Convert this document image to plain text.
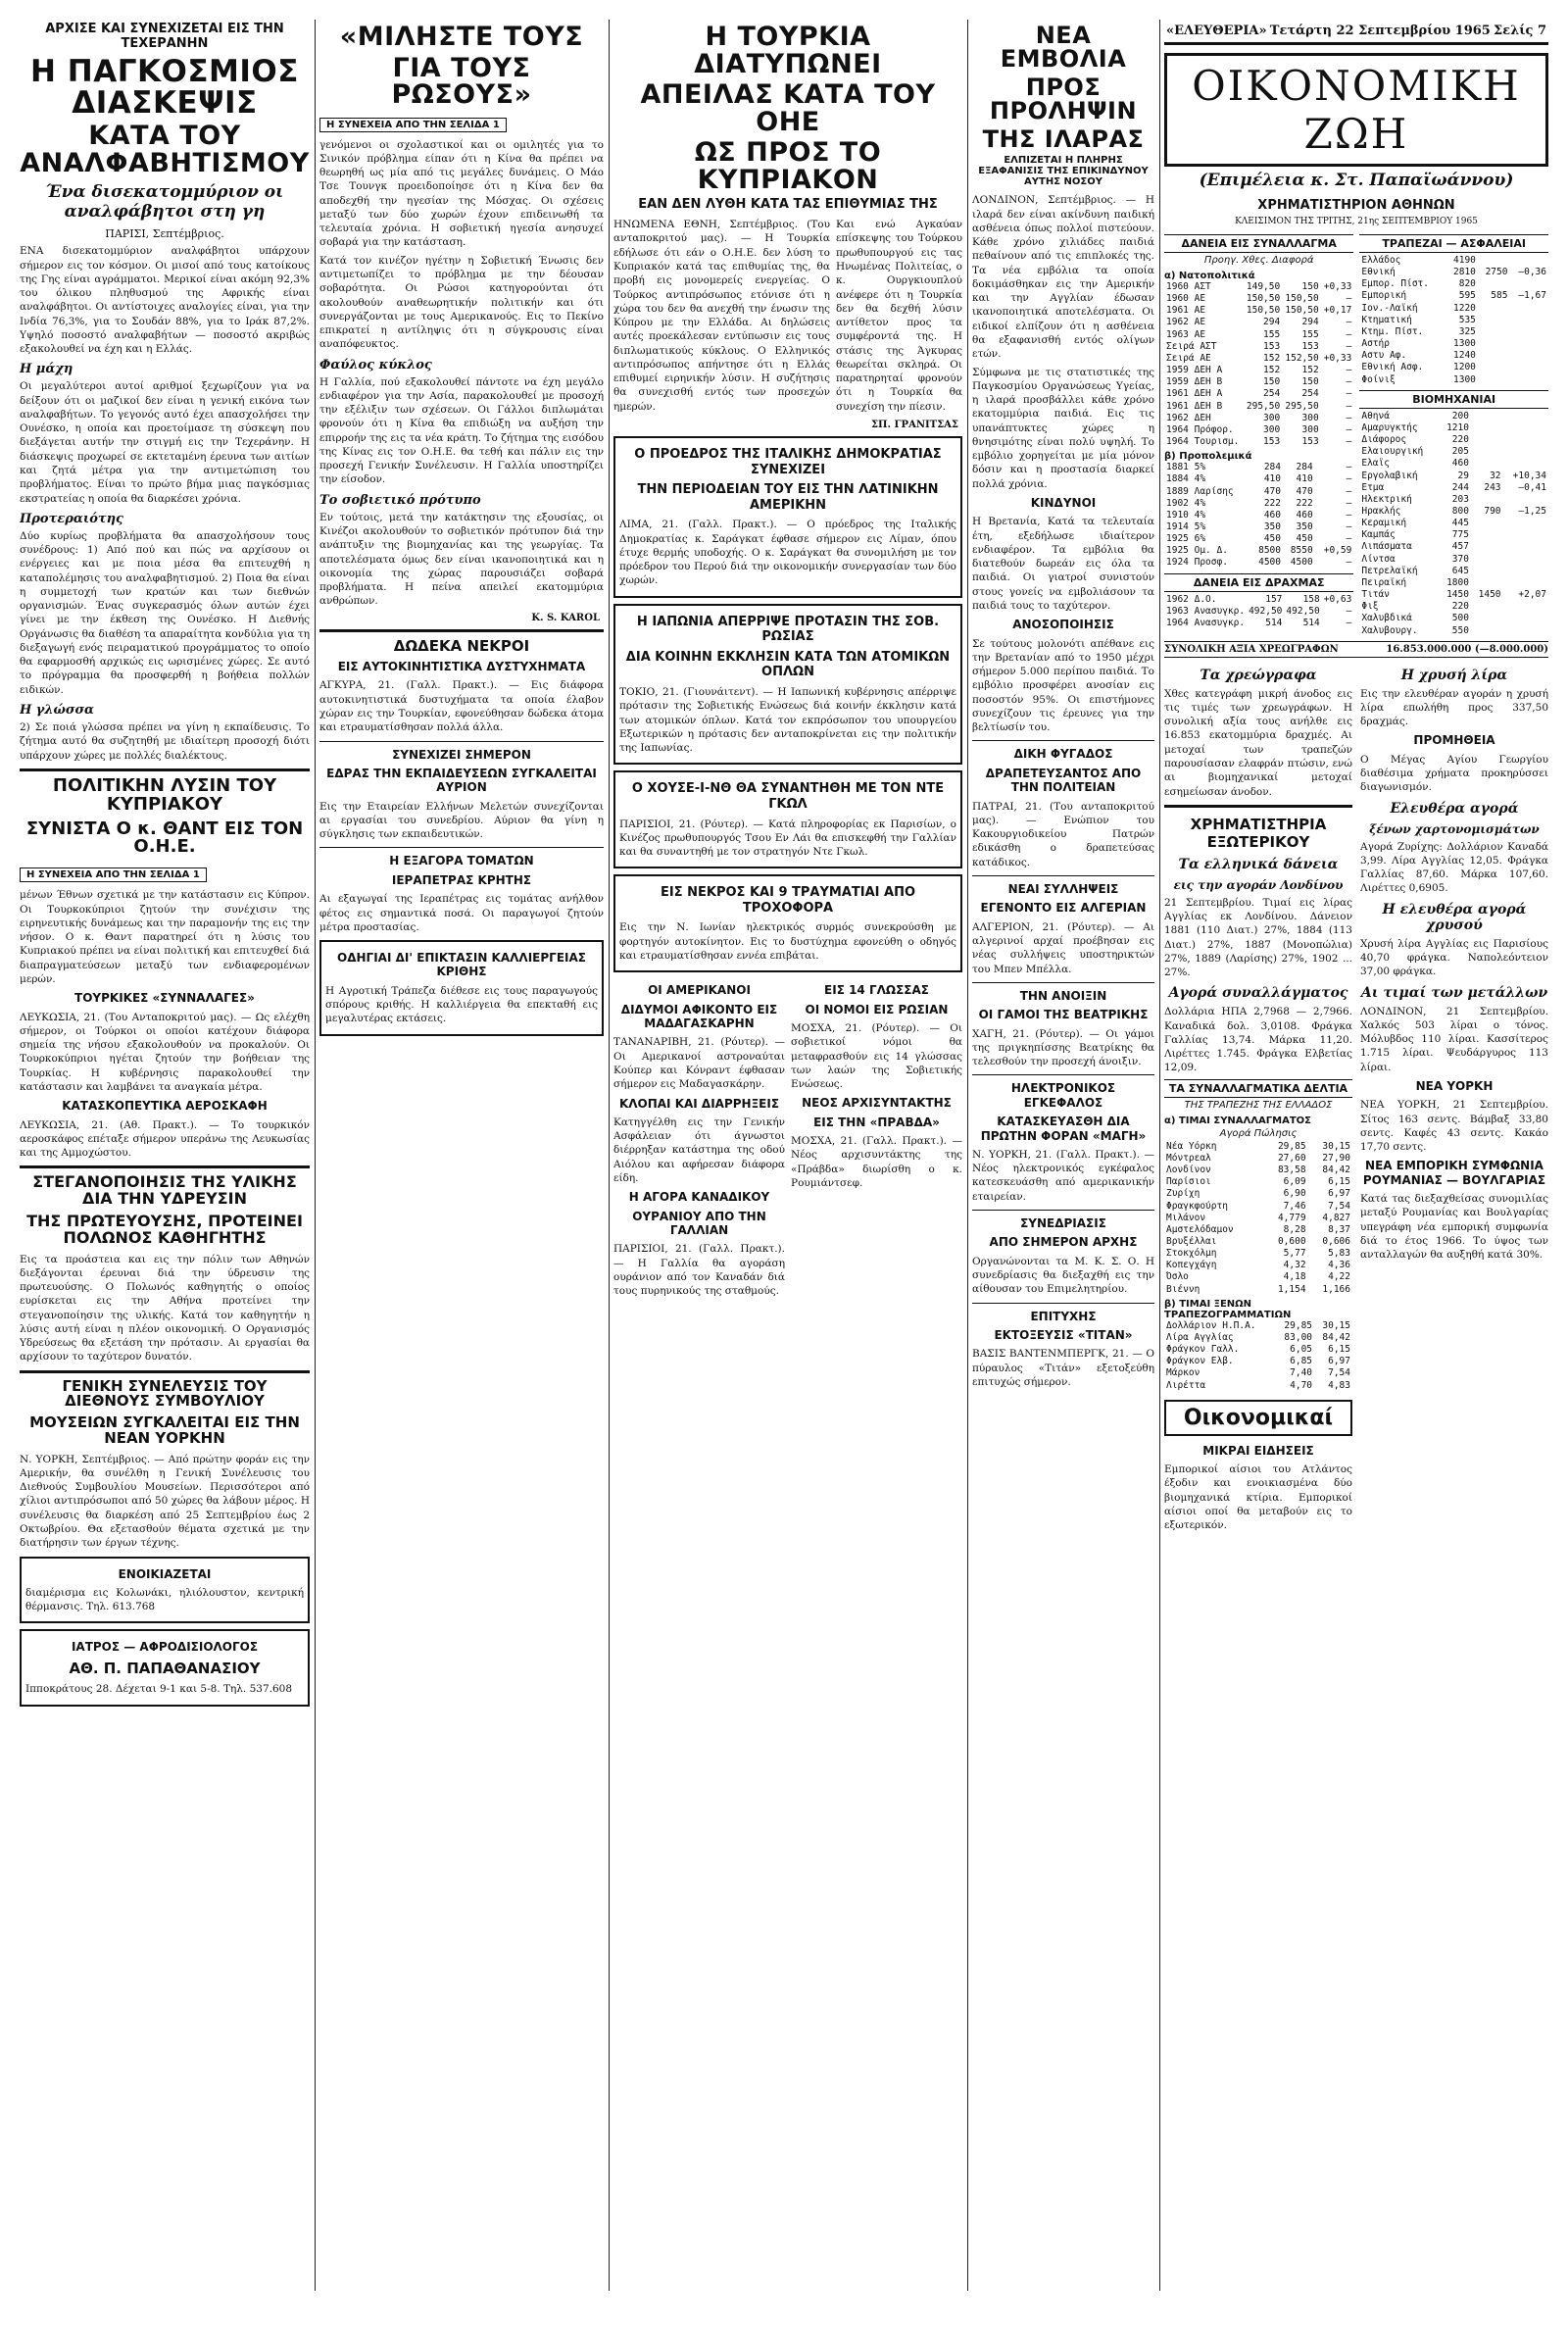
ΑΡΧΙΣΕ ΚΑΙ ΣΥΝΕΧΙΖΕΤΑΙ ΕΙΣ ΤΗΝ ΤΕΧΕΡΑΝΗΝ
Η ΠΑΓΚΟΣΜΙΟΣ ΔΙΑΣΚΕΨΙΣ
ΚΑΤΑ ΤΟΥ ΑΝΑΛΦΑΒΗΤΙΣΜΟΥ
Ένα δισεκατομμύριον οι αναλφάβητοι στη γη
ΠΑΡΙΣΙ, Σεπτέμβριος.

ΕΝΑ δισεκατομμύριον αναλφάβητοι υπάρχουν σήμερον εις τον κόσμον. Οι μισοί από τους κατοίκους της Γης είναι αγράμματοι. Μερικοί είναι ακόμη 92,3% του όλικου πληθυσμού της Αφρικής είναι αναλφάβητοι. Οι αντίστοιχες αναλογίες είναι, για την Ινδία 76,3%, για το Σουδάν 88%, για το Ιράκ 87,2%. Υψηλό ποσοστό αναλφαβήτων — ποσοστό ακριβώς εξακολουθεί να έχη και η Ελλάς.

Η μάχη

Οι μεγαλύτεροι αυτοί αριθμοί ξεχωρίζουν για να δείξουν ότι οι μαζικοί δεν είναι η γενική εικόνα των αναλφαβήτων. Το γεγονός αυτό έχει απασχολήσει την Ουνέσκο, η οποία και προετοίμασε τη σύσκεψη που διεξάγεται αυτήν την στιγμή εις την Τεχεράνην. Η διάσκεψις προχωρεί σε εκτεταμένη έρευνα των αιτίων και ζητά μέτρα για την αντιμετώπιση του προβλήματος. Είναι το πρώτο βήμα μιας παγκόσμιας εκστρατείας η οποία θα διαρκέσει χρόνια.

Προτεραιότης

Δύο κυρίως προβλήματα θα απασχολήσουν τους συνέδρους: 1) Από πού και πώς να αρχίσουν οι ενέργειες και με ποια μέσα θα επιτευχθή η καταπολέμησις του αναλφαβητισμού. 2) Ποια θα είναι η συμμετοχή των κρατών και των διεθνών οργανισμών. Ένας συγκερασμός όλων αυτών έχει γίνει με την έκθεση της Ουνέσκο. Η Διεθνής Οργάνωσις θα διαθέση τα απαραίτητα κονδύλια για τη διεξαγωγή ενός πειραματικού προγράμματος το οποίο θα εφαρμοσθή αρχικώς εις ωρισμένες χώρες. Σε αυτό το πρόγραμμα θα προσφερθή η βοήθεια πολλών ειδικών.

Η γλώσσα

2) Σε ποιά γλώσσα πρέπει να γίνη η εκπαίδευσις. Το ζήτημα αυτό θα συζητηθή με ιδιαίτερη προσοχή διότι υπάρχουν χώρες με πολλές διαλέκτους.

ΠΟΛΙΤΙΚΗΝ ΛΥΣΙΝ ΤΟΥ ΚΥΠΡΙΑΚΟΥ
ΣΥΝΙΣΤΑ Ο κ. ΘΑΝΤ ΕΙΣ ΤΟΝ Ο.Η.Ε.
Η ΣΥΝΕΧΕΙΑ ΑΠΟ ΤΗΝ ΣΕΛΙΔΑ 1

μένων Έθνων σχετικά με την κατάστασιν εις Κύπρον. Οι Τουρκοκύπριοι ζητούν την συνέχισιν της ειρηνευτικής δυνάμεως και την παραμονήν της εις την νήσον. Ο κ. Θαντ παρατηρεί ότι η λύσις του Κυπριακού πρέπει να είναι πολιτική και επιτευχθεί διά διαπραγματεύσεων μεταξύ των ενδιαφερομένων μερών.

ΤΟΥΡΚΙΚΕΣ «ΣΥΝΝΑΛΑΓΕΣ»

ΛΕΥΚΩΣΙΑ, 21. (Του Ανταποκριτού μας). — Ως ελέχθη σήμερον, οι Τούρκοι οι οποίοι κατέχουν διάφορα σημεία της νήσου εξακολουθούν να προκαλούν. Οι Τουρκοκύπριοι ηγέται ζητούν την βοήθειαν της Τουρκίας. Η κυβέρνησις παρακολουθεί την κατάστασιν και λαμβάνει τα αναγκαία μέτρα.

ΚΑΤΑΣΚΟΠΕΥΤΙΚΑ ΑΕΡΟΣΚΑΦΗ

ΛΕΥΚΩΣΙΑ, 21. (Αθ. Πρακτ.). — Το τουρκικόν αεροσκάφος επέταξε σήμερον υπεράνω της Λευκωσίας και της Αμμοχώστου.

ΣΤΕΓΑΝΟΠΟΙΗΣΙΣ ΤΗΣ ΥΛΙΚΗΣ ΔΙΑ ΤΗΝ ΥΔΡΕΥΣΙΝ
ΤΗΣ ΠΡΩΤΕΥΟΥΣΗΣ, ΠΡΟΤΕΙΝΕΙ ΠΟΛΩΝΟΣ ΚΑΘΗΓΗΤΗΣ

Εις τα προάστεια και εις την πόλιν των Αθηνών διεξάγονται έρευναι διά την ύδρευσιν της πρωτευούσης. Ο Πολωνός καθηγητής ο οποίος ευρίσκεται εις την Αθήνα προτείνει την στεγανοποίησιν της υλικής. Κατά τον καθηγητήν η λύσις αυτή είναι η πλέον οικονομική. Ο Οργανισμός Υδρεύσεως θα εξετάση την πρότασιν. Αι εργασίαι θα αρχίσουν το ταχύτερον δυνατόν.

ΓΕΝΙΚΗ ΣΥΝΕΛΕΥΣΙΣ ΤΟΥ ΔΙΕΘΝΟΥΣ ΣΥΜΒΟΥΛΙΟΥ
ΜΟΥΣΕΙΩΝ ΣΥΓΚΑΛΕΙΤΑΙ ΕΙΣ ΤΗΝ ΝΕΑΝ ΥΟΡΚΗΝ

Ν. ΥΟΡΚΗ, Σεπτέμβριος. — Από πρώτην φοράν εις την Αμερικήν, θα συνέλθη η Γενική Συνέλευσις του Διεθνούς Συμβουλίου Μουσείων. Περισσότεροι από χίλιοι αντιπρόσωποι από 50 χώρες θα λάβουν μέρος. Η συνέλευσις θα διαρκέση από 25 Σεπτεμβρίου έως 2 Οκτωβρίου. Θα εξετασθούν θέματα σχετικά με την διατήρησιν των έργων τέχνης.

ΕΝΟΙΚΙΑΖΕΤΑΙ

διαμέρισμα εις Κολωνάκι, ηλιόλουστον, κεντρική θέρμανσις. Τηλ. 613.768

ΙΑΤΡΟΣ — ΑΦΡΟΔΙΣΙΟΛΟΓΟΣ
ΑΘ. Π. ΠΑΠΑΘΑΝΑΣΙΟΥ

Ιπποκράτους 28. Δέχεται 9-1 και 5-8. Τηλ. 537.608

«ΜΙΛΗΣΤΕ ΤΟΥΣ
ΓΙΑ ΤΟΥΣ ΡΩΣΟΥΣ»
Η ΣΥΝΕΧΕΙΑ ΑΠΟ ΤΗΝ ΣΕΛΙΔΑ 1

γενόμενοι οι σχολαστικοί και οι ομιλητές για το Σινικόν πρόβλημα είπαν ότι η Κίνα θα πρέπει να θεωρηθή ως μία από τις μεγάλες δυνάμεις. Ο Μάο Τσε Τουνγκ προειδοποίησε ότι η Κίνα δεν θα αποδεχθή την ηγεσίαν της Μόσχας. Οι σχέσεις μεταξύ των δύο χωρών έχουν επιδεινωθή τα τελευταία χρόνια. Η σοβιετική ηγεσία ανησυχεί σοβαρά για την κατάσταση.

Κατά τον κινέζον ηγέτην η Σοβιετική Ένωσις δεν αντιμετωπίζει το πρόβλημα με την δέουσαν σοβαρότητα. Οι Ρώσοι κατηγορούνται ότι ακολουθούν αναθεωρητικήν πολιτικήν και ότι συνεργάζονται με τους Αμερικανούς. Εις το Πεκίνο επικρατεί η αντίληψις ότι η σύγκρουσις είναι αναπόφευκτος.

Φαύλος κύκλος

Η Γαλλία, πού εξακολουθεί πάντοτε να έχη μεγάλο ενδιαφέρον για την Ασία, παρακολουθεί με προσοχή την εξέλιξιν των σχέσεων. Οι Γάλλοι διπλωμάται φρονούν ότι η Κίνα θα επιδιώξη να αυξήση την επιρροήν της εις τα νέα κράτη. Το ζήτημα της εισόδου της Κίνας εις τον Ο.Η.Ε. θα τεθή και πάλιν εις την προσεχή Γενικήν Συνέλευσιν. Η Γαλλία υποστηρίζει την είσοδον.

Το σοβιετικό πρότυπο

Εν τούτοις, μετά την κατάκτησιν της εξουσίας, οι Κινέζοι ακολουθούν το σοβιετικόν πρότυπον διά την ανάπτυξιν της βιομηχανίας και της γεωργίας. Τα αποτελέσματα όμως δεν είναι ικανοποιητικά και η οικονομία της χώρας παρουσιάζει σοβαρά προβλήματα. Η πείνα απειλεί εκατομμύρια ανθρώπων.

K. S. KAROL
ΔΩΔΕΚΑ ΝΕΚΡΟΙ
ΕΙΣ ΑΥΤΟΚΙΝΗΤΙΣΤΙΚΑ ΔΥΣΤΥΧΗΜΑΤΑ

ΑΓΚΥΡΑ, 21. (Γαλλ. Πρακτ.). — Εις διάφορα αυτοκινητιστικά δυστυχήματα τα οποία έλαβον χώραν εις την Τουρκίαν, εφονεύθησαν δώδεκα άτομα και ετραυματίσθησαν πολλά άλλα.

ΣΥΝΕΧΙΖΕΙ ΣΗΜΕΡΟΝ
ΕΔΡΑΣ ΤΗΝ ΕΚΠΑΙΔΕΥΣΕΩΝ ΣΥΓΚΑΛΕΙΤΑΙ ΑΥΡΙΟΝ

Εις την Εταιρείαν Ελλήνων Μελετών συνεχίζονται αι εργασίαι του συνεδρίου. Αύριον θα γίνη η σύγκλησις των εκπαιδευτικών.

Η ΕΞΑΓΟΡΑ ΤΟΜΑΤΩΝ
ΙΕΡΑΠΕΤΡΑΣ ΚΡΗΤΗΣ

Αι εξαγωγαί της Ιεραπέτρας εις τομάτας ανήλθον φέτος εις σημαντικά ποσά. Οι παραγωγοί ζητούν μέτρα προστασίας.

ΟΔΗΓΙΑΙ ΔΙ' ΕΠΙΚΤΑΣΙΝ ΚΑΛΛΙΕΡΓΕΙΑΣ ΚΡΙΘΗΣ

Η Αγροτική Τράπεζα διέθεσε εις τους παραγωγούς σπόρους κριθής. Η καλλιέργεια θα επεκταθή εις μεγαλυτέρας εκτάσεις.

Η ΤΟΥΡΚΙΑ ΔΙΑΤΥΠΩΝΕΙ
ΑΠΕΙΛΑΣ ΚΑΤΑ ΤΟΥ ΟΗΕ
ΩΣ ΠΡΟΣ ΤΟ ΚΥΠΡΙΑΚΟΝ
ΕΑΝ ΔΕΝ ΛΥΘΗ ΚΑΤΑ ΤΑΣ ΕΠΙΘΥΜΙΑΣ ΤΗΣ

ΗΝΩΜΕΝΑ ΕΘΝΗ, Σεπτέμβριος. (Του ανταποκριτού μας). — Η Τουρκία εδήλωσε ότι εάν ο Ο.Η.Ε. δεν λύση το Κυπριακόν κατά τας επιθυμίας της, θα προβή εις μονομερείς ενεργείας. Ο Τούρκος αντιπρόσωπος ετόνισε ότι η χώρα του δεν θα ανεχθή την ένωσιν της Κύπρου με την Ελλάδα. Αι δηλώσεις αυτές προεκάλεσαν εντύπωσιν εις τους διπλωματικούς κύκλους. Ο Ελληνικός αντιπρόσωπος απήντησε ότι η Ελλάς επιθυμεί ειρηνικήν λύσιν. Η συζήτησις θα συνεχισθή εντός των προσεχών ημερών.

Και ενώ Αγκαύαν επίσκεψης του Τούρκου πρωθυπουργού εις τας Ηνωμένας Πολιτείας, ο κ. Ουργκιουπλού ανέφερε ότι η Τουρκία δεν θα δεχθή λύσιν αντίθετον προς τα συμφέροντά της. Η στάσις της Άγκυρας θεωρείται σκληρά. Οι παρατηρηταί φρονούν ότι η Τουρκία θα συνεχίση την πίεσιν.

ΣΠ. ΓΡΑΝΙΤΣΑΣ
Ο ΠΡΟΕΔΡΟΣ ΤΗΣ ΙΤΑΛΙΚΗΣ ΔΗΜΟΚΡΑΤΙΑΣ ΣΥΝΕΧΙΖΕΙ
ΤΗΝ ΠΕΡΙΟΔΕΙΑΝ ΤΟΥ ΕΙΣ ΤΗΝ ΛΑΤΙΝΙΚΗΝ ΑΜΕΡΙΚΗΝ

ΛΙΜΑ, 21. (Γαλλ. Πρακτ.). — Ο πρόεδρος της Ιταλικής Δημοκρατίας κ. Σαράγκατ έφθασε σήμερον εις Λίμαν, όπου έτυχε θερμής υποδοχής. Ο κ. Σαράγκατ θα συνομιλήση με τον πρόεδρον του Περού διά την οικονομικήν συνεργασίαν των δύο χωρών.

Η ΙΑΠΩΝΙΑ ΑΠΕΡΡΙΨΕ ΠΡΟΤΑΣΙΝ ΤΗΣ ΣΟΒ. ΡΩΣΙΑΣ
ΔΙΑ ΚΟΙΝΗΝ ΕΚΚΛΗΣΙΝ ΚΑΤΑ ΤΩΝ ΑΤΟΜΙΚΩΝ ΟΠΛΩΝ

ΤΟΚΙΟ, 21. (Γιουνάιτεντ). — Η Ιαπωνική κυβέρνησις απέρριψε πρότασιν της Σοβιετικής Ενώσεως διά κοινήν έκκλησιν κατά των ατομικών όπλων. Κατά τον εκπρόσωπον του υπουργείου Εξωτερικών η πρότασις δεν ανταποκρίνεται εις την πολιτικήν της Ιαπωνίας.

Ο ΧΟΥΣΕ-Ι-ΝΘ ΘΑ ΣΥΝΑΝΤΗΘΗ ΜΕ ΤΟΝ ΝΤΕ ΓΚΩΛ

ΠΑΡΙΣΙΟΙ, 21. (Ρόυτερ). — Κατά πληροφορίας εκ Παρισίων, ο Κινέζος πρωθυπουργός Τσου Εν Λάι θα επισκεφθή την Γαλλίαν και θα συναντηθή με τον στρατηγόν Ντε Γκωλ.

ΕΙΣ ΝΕΚΡΟΣ ΚΑΙ 9 ΤΡΑΥΜΑΤΙΑΙ ΑΠΟ ΤΡΟΧΟΦΟΡΑ

Εις την Ν. Ιωνίαν ηλεκτρικός συρμός συνεκρούσθη με φορτηγόν αυτοκίνητον. Εις το δυστύχημα εφονεύθη ο οδηγός και ετραυματίσθησαν εννέα επιβάται.

ΟΙ ΑΜΕΡΙΚΑΝΟΙ
ΔΙΔΥΜΟΙ ΑΦΙΚΟΝΤΟ ΕΙΣ ΜΑΔΑΓΑΣΚΑΡΗΝ

ΤΑΝΑΝΑΡΙΒΗ, 21. (Ρόυτερ). — Οι Αμερικανοί αστροναύται Κούπερ και Κόνραντ έφθασαν σήμερον εις Μαδαγασκάρην.

ΚΛΟΠΑΙ ΚΑΙ ΔΙΑΡΡΗΞΕΙΣ

Κατηγγέλθη εις την Γενικήν Ασφάλειαν ότι άγνωστοι διέρρηξαν κατάστημα της οδού Αιόλου και αφήρεσαν διάφορα είδη.

Η ΑΓΟΡΑ ΚΑΝΑΔΙΚΟΥ
ΟΥΡΑΝΙΟΥ ΑΠΟ ΤΗΝ ΓΑΛΛΙΑΝ

ΠΑΡΙΣΙΟΙ, 21. (Γαλλ. Πρακτ.). — Η Γαλλία θα αγοράση ουράνιον από τον Καναδάν διά τους πυρηνικούς της σταθμούς.

ΕΙΣ 14 ΓΛΩΣΣΑΣ
ΟΙ ΝΟΜΟΙ ΕΙΣ ΡΩΣΙΑΝ

ΜΟΣΧΑ, 21. (Ρόυτερ). — Οι σοβιετικοί νόμοι θα μεταφρασθούν εις 14 γλώσσας των λαών της Σοβιετικής Ενώσεως.

ΝΕΟΣ ΑΡΧΙΣΥΝΤΑΚΤΗΣ
ΕΙΣ ΤΗΝ «ΠΡΑΒΔΑ»

ΜΟΣΧΑ, 21. (Γαλλ. Πρακτ.). — Νέος αρχισυντάκτης της «Πράβδα» διωρίσθη ο κ. Ρουμιάντσεφ.

ΝΕΑ ΕΜΒΟΛΙΑ
ΠΡΟΣ ΠΡΟΛΗΨΙΝ
ΤΗΣ ΙΛΑΡΑΣ
ΕΛΠΙΖΕΤΑΙ Η ΠΛΗΡΗΣ ΕΞΑΦΑΝΙΣΙΣ ΤΗΣ ΕΠΙΚΙΝΔΥΝΟΥ ΑΥΤΗΣ ΝΟΣΟΥ

ΛΟΝΔΙΝΟΝ, Σεπτέμβριος. — Η ιλαρά δεν είναι ακίνδυνη παιδική ασθένεια όπως πολλοί πιστεύουν. Κάθε χρόνο χιλιάδες παιδιά πεθαίνουν από τις επιπλοκές της. Τα νέα εμβόλια τα οποία δοκιμάσθηκαν εις την Αμερικήν και την Αγγλίαν έδωσαν ικανοποιητικά αποτελέσματα. Οι ειδικοί ελπίζουν ότι η ασθένεια θα εξαφανισθή εντός ολίγων ετών.

Σύμφωνα με τις στατιστικές της Παγκοσμίου Οργανώσεως Υγείας, η ιλαρά προσβάλλει κάθε χρόνο εκατομμύρια παιδιά. Εις τις υπανάπτυκτες χώρες η θνησιμότης είναι πολύ υψηλή. Το εμβόλιο χορηγείται με μία μόνον δόσιν και η προστασία διαρκεί πολλά χρόνια.

ΚΙΝΔΥΝΟΙ

Η Βρετανία, Κατά τα τελευταία έτη, εξεδήλωσε ιδιαίτερον ενδιαφέρον. Τα εμβόλια θα διατεθούν δωρεάν εις όλα τα παιδιά. Οι γιατροί συνιστούν στους γονείς να εμβολιάσουν τα παιδιά τους το ταχύτερον.

ΑΝΟΣΟΠΟΙΗΣΙΣ

Σε τούτους μολονότι απέθανε εις την Βρετανίαν από το 1950 μέχρι σήμερον 5.000 περίπου παιδιά. Το εμβόλιο προσφέρει ανοσίαν εις ποσοστόν 95%. Οι επιστήμονες συνεχίζουν τις έρευνες για την βελτίωσίν του.

ΔΙΚΗ ΦΥΓΑΔΟΣ
ΔΡΑΠΕΤΕΥΣΑΝΤΟΣ ΑΠΟ ΤΗΝ ΠΟΛΙΤΕΙΑΝ

ΠΑΤΡΑΙ, 21. (Του ανταποκριτού μας). — Ενώπιον του Κακουργιοδικείου Πατρών εδικάσθη ο δραπετεύσας κατάδικος.

ΝΕΑΙ ΣΥΛΛΗΨΕΙΣ
ΕΓΕΝΟΝΤΟ ΕΙΣ ΑΛΓΕΡΙΑΝ

ΑΛΓΕΡΙΟΝ, 21. (Ρόυτερ). — Αι αλγερινοί αρχαί προέβησαν εις νέας συλλήψεις υποστηρικτών του Μπεν Μπέλλα.

ΤΗΝ ΑΝΟΙΞΙΝ
ΟΙ ΓΑΜΟΙ ΤΗΣ ΒΕΑΤΡΙΚΗΣ

ΧΑΓΗ, 21. (Ρόυτερ). — Οι γάμοι της πριγκηπίσσης Βεατρίκης θα τελεσθούν την προσεχή άνοιξιν.

ΗΛΕΚΤΡΟΝΙΚΟΣ ΕΓΚΕΦΑΛΟΣ
ΚΑΤΑΣΚΕΥΑΣΘΗ ΔΙΑ ΠΡΩΤΗΝ ΦΟΡΑΝ «ΜΑΓΗ»

Ν. ΥΟΡΚΗ, 21. (Γαλλ. Πρακτ.). — Νέος ηλεκτρονικός εγκέφαλος κατεσκευάσθη από αμερικανικήν εταιρείαν.

ΣΥΝΕΔΡΙΑΣΙΣ
ΑΠΟ ΣΗΜΕΡΟΝ ΑΡΧΗΣ

Οργανώνονται τα Μ. Κ. Σ. Ο. Η συνεδρίασις θα διεξαχθή εις την αίθουσαν του Επιμελητηρίου.

ΕΠΙΤΥΧΗΣ
ΕΚΤΟΞΕΥΣΙΣ «ΤΙΤΑΝ»

ΒΑΣΙΣ ΒΑΝΤΕΝΜΠΕΡΓΚ, 21. — Ο πύραυλος «Τιτάν» εξετοξεύθη επιτυχώς σήμερον.

«ΕΛΕΥΘΕΡΙΑ» Τετάρτη 22 Σεπτεμβρίου 1965 Σελίς 7
ΟΙΚΟΝΟΜΙΚΗ ΖΩΗ
(Επιμέλεια κ. Στ. Παπαϊωάννου)
ΧΡΗΜΑΤΙΣΤΗΡΙΟΝ ΑΘΗΝΩΝ
ΚΛΕΙΣΙΜΟΝ ΤΗΣ ΤΡΙΤΗΣ, 21ης ΣΕΠΤΕΜΒΡΙΟΥ 1965
ΔΑΝΕΙΑ ΕΙΣ ΣΥΝΑΛΛΑΓΜΑ
Προηγ. Χθες. Διαφορά
α) Νατοπολιτικά
1960 ΑΣΤ	149,50	150	+0,33
1960 ΑΕ	150,50	150,50	—
1961 ΑΕ	150,50	150,50	+0,17
1962 ΑΕ	294	294	—
1963 ΑΕ	155	155	—
Σειρά ΑΣΤ	153	153	—
Σειρά ΑΕ	152	152,50	+0,33
1959 ΔΕΗ Α	152	152	—
1959 ΔΕΗ Β	150	150	—
1961 ΔΕΗ Α	254	254	—
1961 ΔΕΗ Β	295,50	295,50	—
1962 ΔΕΗ	300	300	—
1964 Πρόφορ.	300	300	—
1964 Τουρισμ.	153	153	—
β) Προπολεμικά
1881 5%	284	284	—
1884 4%	410	410	—
1889 Λαρίσης	470	470	—
1902 4%	222	222	—
1910 4%	460	460	—
1914 5%	350	350	—
1925 6%	450	450	—
1925 Ομ. Δ.	8500	8550	+0,59
1924 Προσφ.	4500	4500	—
ΔΑΝΕΙΑ ΕΙΣ ΔΡΑΧΜΑΣ
1962 Δ.Ο.	157	158	+0,63
1963 Ανασυγκρ.	492,50	492,50	—
1964 Ανασυγκρ.	514	514	—
ΤΡΑΠΕΖΑΙ — ΑΣΦΑΛΕΙΑΙ
Ελλάδος	4190		
Εθνική	2810	2750	—0,36
Εμπορ. Πίστ.	820		
Εμπορική	595	585	—1,67
Ιον.-Λαϊκή	1220		
Κτηματική	535		
Κτημ. Πίστ.	325		
Αστήρ	1300		
Αστυ Αφ.	1240		
Εθνική Ασφ.	1200		
Φοίνιξ	1300		
ΒΙΟΜΗΧΑΝΙΑΙ
Αθηνά	200		
Αμαρυγκτής	1210		
Διάφορος	220		
Ελαιουργική	205		
Ελαϊς	460		
Εργολαβική	29	32	+10,34
Ετμα	244	243	—0,41
Ηλεκτρική	203		
Ηρακλής	800	790	—1,25
Κεραμική	445		
Καμπάς	775		
Λιπάσματα	457		
Λίντσα	370		
Πετρελαϊκή	645		
Πειραϊκή	1800		
Τιτάν	1450	1450	+2,07
Φιξ	220		
Χαλυβδικά	500		
Χαλυβουργ.	550		
ΣΥΝΟΛΙΚΗ ΑΞΙΑ ΧΡΕΩΓΡΑΦΩΝ	16.853.000.000 (—8.000.000)
Τα χρεώγραφα

Χθες κατεγράφη μικρή άνοδος εις τις τιμές των χρεωγράφων. Η συνολική αξία τους ανήλθε εις 16.853 εκατομμύρια δραχμές. Αι μετοχαί των τραπεζών παρουσίασαν ελαφράν πτώσιν, ενώ αι βιομηχανικαί μετοχαί εσημείωσαν άνοδον.

ΧΡΗΜΑΤΙΣΤΗΡΙΑ ΕΞΩΤΕΡΙΚΟΥ
Τα ελληνικά δάνεια
εις την αγοράν Λονδίνου

21 Σεπτεμβρίου. Τιμαί εις λίρας Αγγλίας εκ Λονδίνου. Δάνειον 1881 (110 Διατ.) 27%, 1884 (113 Διατ.) 27%, 1887 (Μονοπώλια) 27%, 1889 (Λαρίσης) 27%, 1902 ... 27%.

Αγορά συναλλάγματος

Δολλάρια ΗΠΑ 2,7968 — 2,7966. Καναδικά δολ. 3,0108. Φράγκα Γαλλίας 13,74. Μάρκα 11,20. Λιρέττες 1.745. Φράγκα Ελβετίας 12,09.

ΤΑ ΣΥΝΑΛΛΑΓΜΑΤΙΚΑ ΔΕΛΤΙΑ
ΤΗΣ ΤΡΑΠΕΖΗΣ ΤΗΣ ΕΛΛΑΔΟΣ
α) ΤΙΜΑΙ ΣΥΝΑΛΛΑΓΜΑΤΟΣ
Αγορά Πώλησις
Νέα Υόρκη	29,85	30,15
Μόντρεαλ	27,60	27,90
Λονδίνον	83,58	84,42
Παρίσιοι	6,09	6,15
Ζυρίχη	6,90	6,97
Φραγκφούρτη	7,46	7,54
Μιλάνον	4,779	4,827
Αμστελόδαμον	8,28	8,37
Βρυξέλλαι	0,600	0,606
Στοκχόλμη	5,77	5,83
Κοπεγχάγη	4,32	4,36
Όσλο	4,18	4,22
Βιέννη	1,154	1,166
β) ΤΙΜΑΙ ΞΕΝΩΝ ΤΡΑΠΕΖΟΓΡΑΜΜΑΤΙΩΝ
Δολλάριον Η.Π.Α.	29,85	30,15
Λίρα Αγγλίας	83,00	84,42
Φράγκον Γαλλ.	6,05	6,15
Φράγκον Ελβ.	6,85	6,97
Μάρκον	7,40	7,54
Λιρέττα	4,70	4,83
Οικονομικαί
ΜΙΚΡΑΙ ΕΙΔΗΣΕΙΣ

Εμπορικοί αίσιοι του Ατλάντος έξοδιν και ενοικιασμένα δύο βιομηχανικά κτίρια. Εμπορικοί αίσιοι οποί θα μεταβούν εις το εξωτερικόν.

Η χρυσή λίρα

Εις την ελευθέραν αγοράν η χρυσή λίρα επωλήθη προς 337,50 δραχμάς.

ΠΡΟΜΗΘΕΙΑ

Ο Μέγας Αγίου Γεωργίου διαθέσιμα χρήματα προκηρύσσει διαγωνισμόν.

Ελευθέρα αγορά
ξένων χαρτονομισμάτων

Αγορά Ζυρίχης: Δολλάριον Καναδά 3,99. Λίρα Αγγλίας 12,05. Φράγκα Γαλλίας 87,60. Μάρκα 107,60. Λιρέττες 0,6905.

Η ελευθέρα αγορά χρυσού

Χρυσή λίρα Αγγλίας εις Παρισίους 40,70 φράγκα. Ναπολεόντειον 37,00 φράγκα.

Αι τιμαί των μετάλλων

ΛΟΝΔΙΝΟΝ, 21 Σεπτεμβρίου. Χαλκός 503 λίραι ο τόνος. Μόλυβδος 110 λίραι. Κασσίτερος 1.715 λίραι. Ψευδάργυρος 113 λίραι.

ΝΕΑ ΥΟΡΚΗ

ΝΕΑ ΥΟΡΚΗ, 21 Σεπτεμβρίου. Σίτος 163 σεντς. Βάμβαξ 33,80 σεντς. Καφές 43 σεντς. Κακάο 17,70 σεντς.

ΝΕΑ ΕΜΠΟΡΙΚΗ ΣΥΜΦΩΝΙΑ ΡΟΥΜΑΝΙΑΣ — ΒΟΥΛΓΑΡΙΑΣ

Κατά τας διεξαχθείσας συνομιλίας μεταξύ Ρουμανίας και Βουλγαρίας υπεγράφη νέα εμπορική συμφωνία διά το έτος 1966. Το ύψος των ανταλλαγών θα αυξηθή κατά 30%.
